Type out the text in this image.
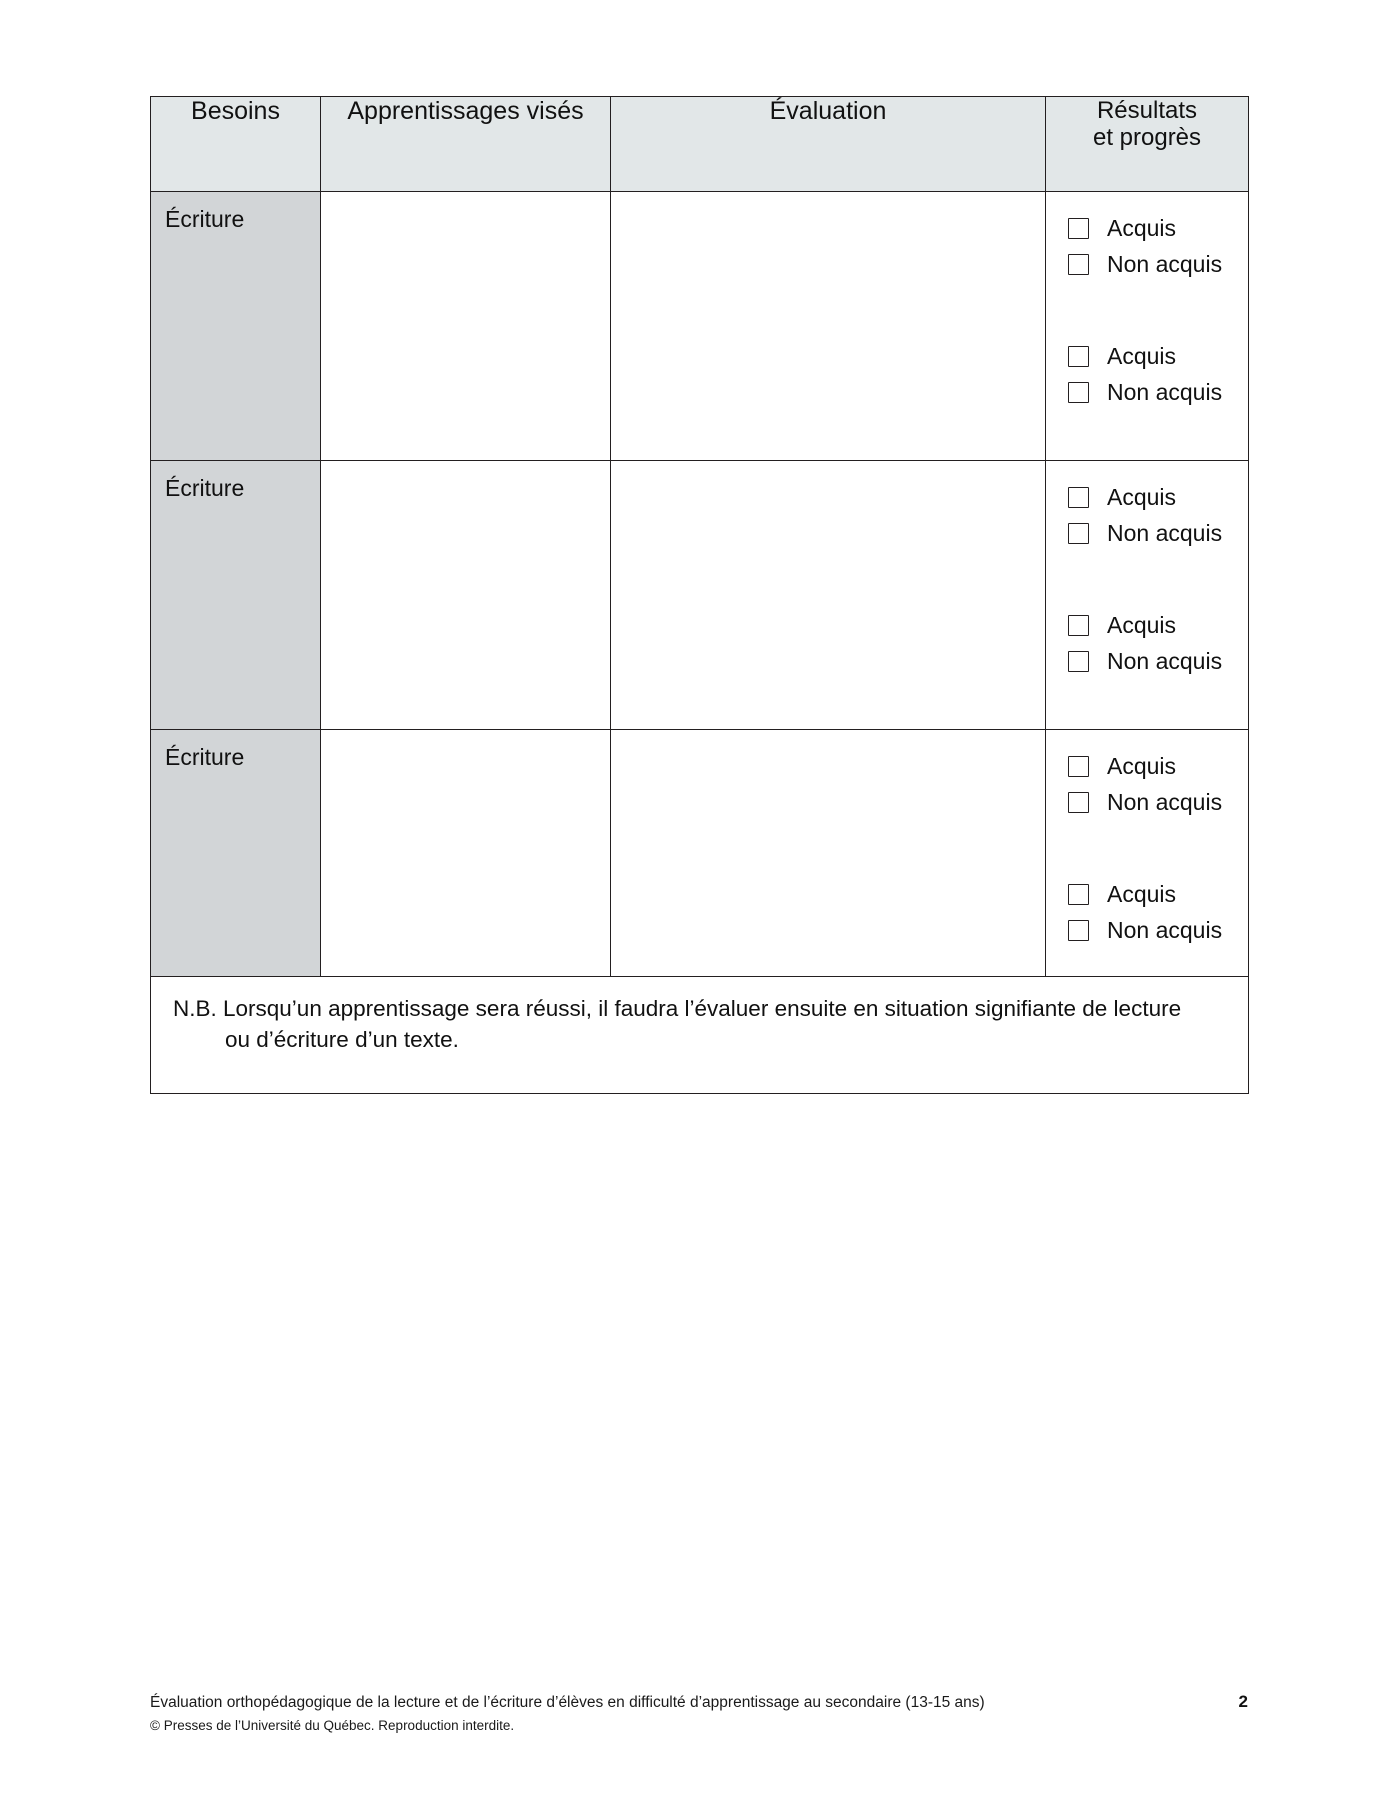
Besoins	Apprentissages visés	Évaluation	Résultats
et progrès
Écriture			Acquis
Non acquis
Acquis
Non acquis

Écriture			Acquis
Non acquis
Acquis
Non acquis

Écriture			Acquis
Non acquis
Acquis
Non acquis

N.B. Lorsqu’un apprentissage sera réussi, il faudra l’évaluer ensuite en situation signifiante de lecture
ou d’écriture d’un texte.			
Évaluation orthopédagogique de la lecture et de l’écriture d’élèves en difficulté d’apprentissage au secondaire (13-15 ans)
© Presses de l’Université du Québec. Reproduction interdite.
2
